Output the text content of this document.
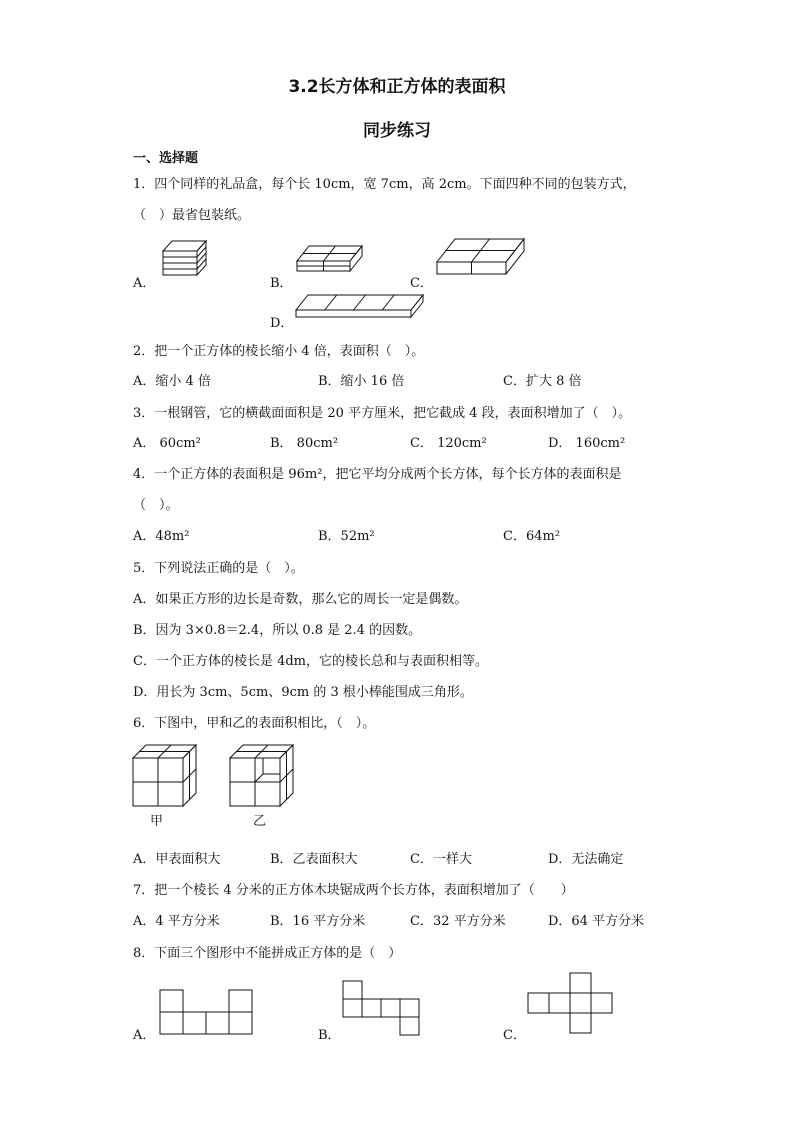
3.2长方体和正方体的表面积
同步练习
一、选择题
1．四个同样的礼品盒，每个长 10cm，宽 7cm，高 2cm。下面四种不同的包装方式，
（　）最省包装纸。
A．	B．	C．
D．
2．把一个正方体的棱长缩小 4 倍，表面积（　）。
A．缩小 4 倍	B．缩小 16 倍	C．扩大 8 倍
3．一根钢管，它的横截面面积是 20 平方厘米，把它截成 4 段，表面积增加了（　）。
A． 60cm²	B． 80cm²	C． 120cm²	D． 160cm²
4．一个正方体的表面积是 96m²，把它平均分成两个长方体，每个长方体的表面积是
（　）。
A．48m²	B．52m²	C．64m²
5．下列说法正确的是（　）。
A．如果正方形的边长是奇数，那么它的周长一定是偶数。
B．因为 3×0.8＝2.4，所以 0.8 是 2.4 的因数。
C．一个正方体的棱长是 4dm，它的棱长总和与表面积相等。
D．用长为 3cm、5cm、9cm 的 3 根小棒能围成三角形。
6．下图中，甲和乙的表面积相比，（　）。
甲	乙
A．甲表面积大	B．乙表面积大	C．一样大	D．无法确定
7．把一个棱长 4 分米的正方体木块锯成两个长方体，表面积增加了（　　）
A．4 平方分米	B．16 平方分米	C．32 平方分米	D．64 平方分米
8．下面三个图形中不能拼成正方体的是（　）
A．	B．	C．
